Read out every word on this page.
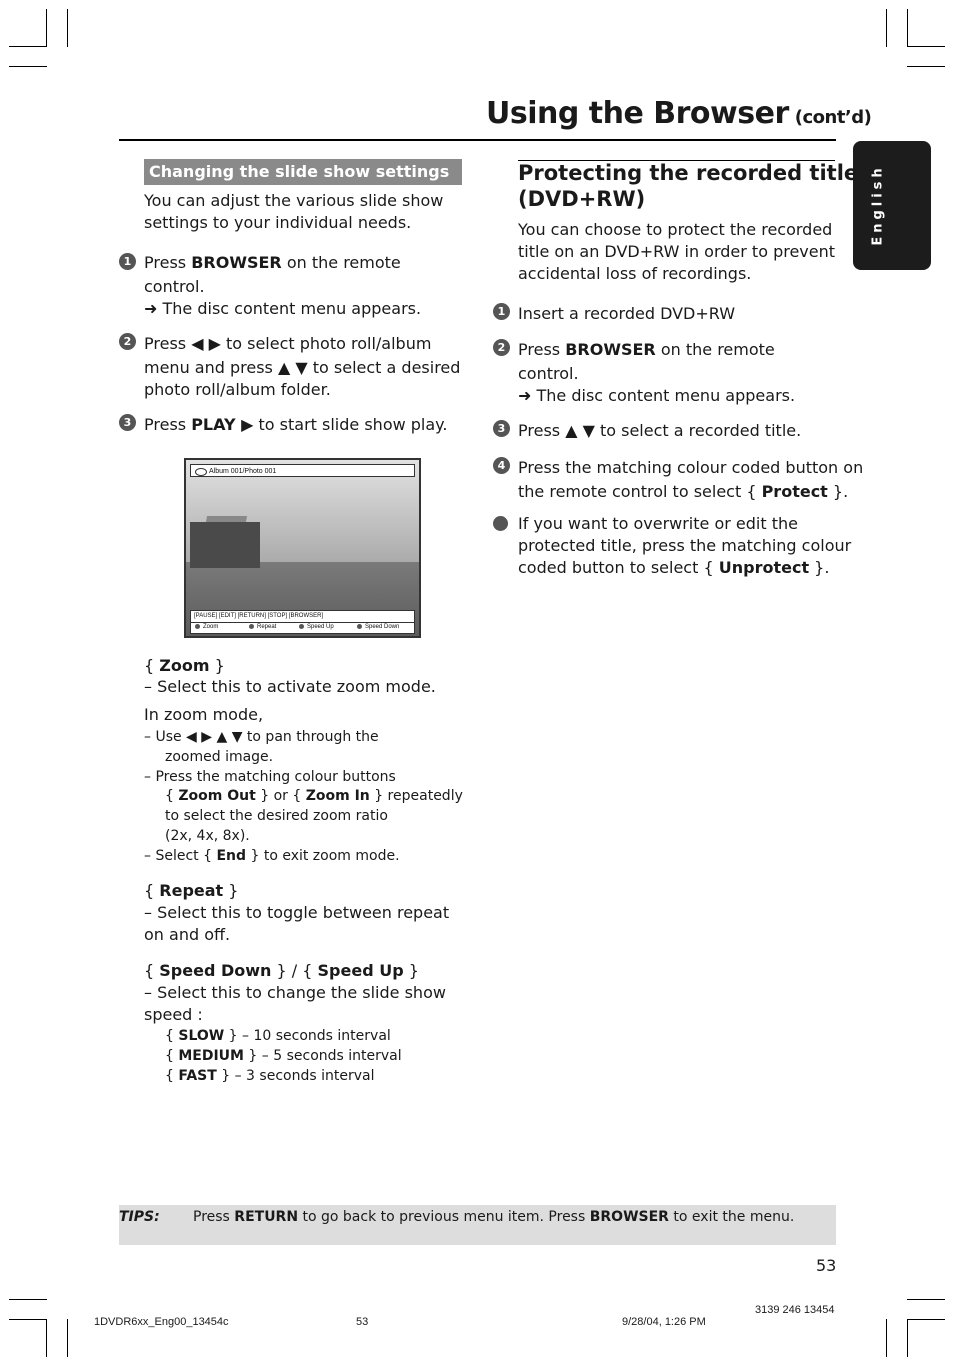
Using the Browser (cont’d)
English
Changing the slide show settings
You can adjust the various slide show
settings to your individual needs.
1 Press BROWSER on the remote
control.
➜ The disc content menu appears.
2 Press ◀ ▶ to select photo roll/album
menu and press ▲ ▼ to select a desired
photo roll/album folder.
3 Press PLAY ▶ to start slide show play.
Album 001/Photo 001
[PAUSE] [EDIT] [RETURN] [STOP] [BROWSER]
Zoom	Repeat	Speed Up	Speed Down
{ Zoom }
– Select this to activate zoom mode.
In zoom mode,
– Use ◀ ▶ ▲ ▼ to pan through the
zoomed image.
– Press the matching colour buttons
{ Zoom Out } or { Zoom In } repeatedly
to select the desired zoom ratio
(2x, 4x, 8x).
– Select { End } to exit zoom mode.
{ Repeat }
– Select this to toggle between repeat
on and off.
{ Speed Down } / { Speed Up }
– Select this to change the slide show
speed :
{ SLOW } – 10 seconds interval
{ MEDIUM } – 5 seconds interval
{ FAST } – 3 seconds interval
Protecting the recorded title
(DVD+RW)
You can choose to protect the recorded
title on an DVD+RW in order to prevent
accidental loss of recordings.
1 Insert a recorded DVD+RW
2 Press BROWSER on the remote
control.
➜ The disc content menu appears.
3 Press ▲ ▼ to select a recorded title.
4 Press the matching colour coded button on
the remote control to select { Protect }.
If you want to overwrite or edit the
protected title, press the matching colour
coded button to select { Unprotect }.
TIPS: Press RETURN to go back to previous menu item. Press BROWSER to exit the menu.
53
1DVDR6xx_Eng00_13454c	53	9/28/04, 1:26 PM
3139 246 13454
